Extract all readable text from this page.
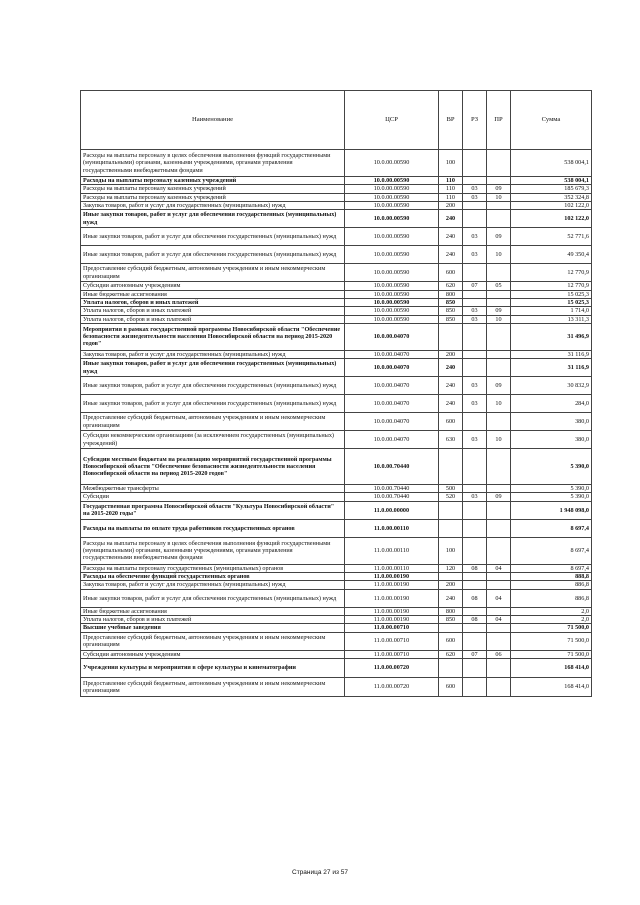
Наименование	ЦСР	ВР	РЗ	ПР	Сумма
Расходы на выплаты персоналу в целях обеспечения выполнения функций государственными (муниципальными) органами, казенными учреждениями, органами управления государственными внебюджетными фондами	10.0.00.00590	100			538 004,1
Расходы на выплаты персоналу казенных учреждений	10.0.00.00590	110			538 004,1
Расходы на выплаты персоналу казенных учреждений	10.0.00.00590	110	03	09	185 679,3
Расходы на выплаты персоналу казенных учреждений	10.0.00.00590	110	03	10	352 324,8
Закупка товаров, работ и услуг для государственных (муниципальных) нужд	10.0.00.00590	200			102 122,0
Иные закупки товаров, работ и услуг для обеспечения государственных (муниципальных) нужд	10.0.00.00590	240			102 122,0
Иные закупки товаров, работ и услуг для обеспечения государственных (муниципальных) нужд	10.0.00.00590	240	03	09	52 771,6
Иные закупки товаров, работ и услуг для обеспечения государственных (муниципальных) нужд	10.0.00.00590	240	03	10	49 350,4
Предоставление субсидий бюджетным, автономным учреждениям и иным некоммерческим организациям	10.0.00.00590	600			12 770,9
Субсидии автономным учреждениям	10.0.00.00590	620	07	05	12 770,9
Иные бюджетные ассигнования	10.0.00.00590	800			15 025,3
Уплата налогов, сборов и иных платежей	10.0.00.00590	850			15 025,3
Уплата налогов, сборов и иных платежей	10.0.00.00590	850	03	09	1 714,0
Уплата налогов, сборов и иных платежей	10.0.00.00590	850	03	10	13 311,3
Мероприятия в рамках государственной программы Новосибирской области "Обеспечение безопасности жизнедеятельности населения Новосибирской области на период 2015-2020 годов"	10.0.00.04070				31 496,9
Закупка товаров, работ и услуг для государственных (муниципальных) нужд	10.0.00.04070	200			31 116,9
Иные закупки товаров, работ и услуг для обеспечения государственных (муниципальных) нужд	10.0.00.04070	240			31 116,9
Иные закупки товаров, работ и услуг для обеспечения государственных (муниципальных) нужд	10.0.00.04070	240	03	09	30 832,9
Иные закупки товаров, работ и услуг для обеспечения государственных (муниципальных) нужд	10.0.00.04070	240	03	10	284,0
Предоставление субсидий бюджетным, автономным учреждениям и иным некоммерческим организациям	10.0.00.04070	600			380,0
Субсидии некоммерческим организациям (за исключением государственных (муниципальных) учреждений)	10.0.00.04070	630	03	10	380,0
Субсидии местным бюджетам на реализацию мероприятий государственной программы Новосибирской области "Обеспечение безопасности жизнедеятельности населения Новосибирской области на период 2015-2020 годов"	10.0.00.70440				5 390,0
Межбюджетные трансферты	10.0.00.70440	500			5 390,0
Субсидии	10.0.00.70440	520	03	09	5 390,0
Государственная программа Новосибирской области "Культура Новосибирской области" на 2015-2020 годы"	11.0.00.00000				1 948 098,0
Расходы на выплаты по оплате труда работников государственных органов	11.0.00.00110				8 697,4
Расходы на выплаты персоналу в целях обеспечения выполнения функций государственными (муниципальными) органами, казенными учреждениями, органами управления государственными внебюджетными фондами	11.0.00.00110	100			8 697,4
Расходы на выплаты персоналу государственных (муниципальных) органов	11.0.00.00110	120	08	04	8 697,4
Расходы на обеспечение функций государственных органов	11.0.00.00190				888,8
Закупка товаров, работ и услуг для государственных (муниципальных) нужд	11.0.00.00190	200			886,8
Иные закупки товаров, работ и услуг для обеспечения государственных (муниципальных) нужд	11.0.00.00190	240	08	04	886,8
Иные бюджетные ассигнования	11.0.00.00190	800			2,0
Уплата налогов, сборов и иных платежей	11.0.00.00190	850	08	04	2,0
Высшие учебные заведения	11.0.00.00710				71 500,0
Предоставление субсидий бюджетным, автономным учреждениям и иным некоммерческим организациям	11.0.00.00710	600			71 500,0
Субсидии автономным учреждениям	11.0.00.00710	620	07	06	71 500,0
Учреждения культуры и мероприятия в сфере культуры и кинематографии	11.0.00.00720				168 414,0
Предоставление субсидий бюджетным, автономным учреждениям и иным некоммерческим организациям	11.0.00.00720	600			168 414,0
Страница 27 из 57
